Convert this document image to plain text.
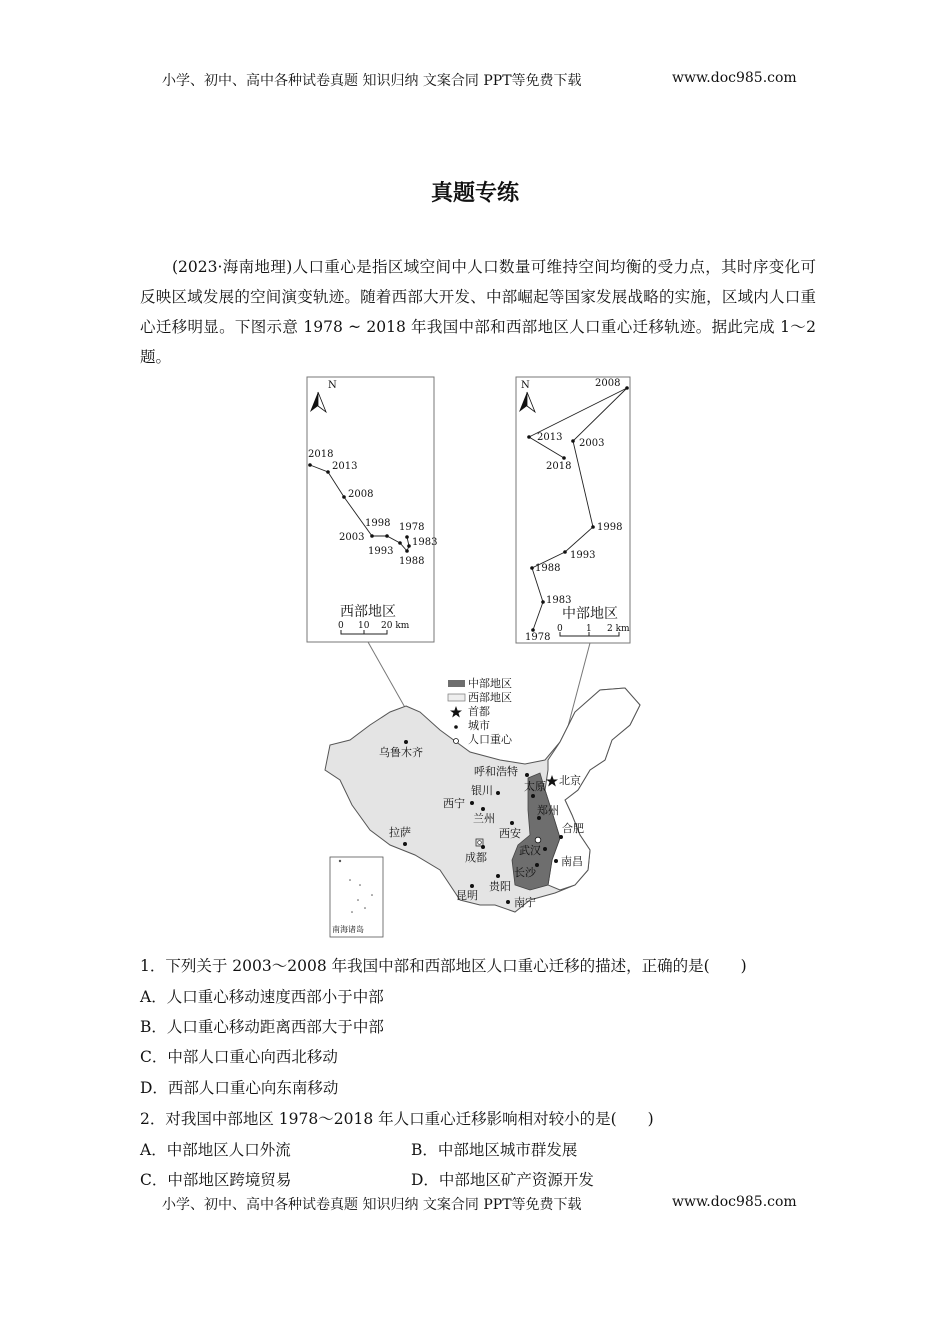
小学、初中、高中各种试卷真题 知识归纳 文案合同 PPT等免费下载	www.doc985.com
真题专练
(2023·海南地理)人口重心是指区域空间中人口数量可维持空间均衡的受力点，其时序变化可反映区域发展的空间演变轨迹。随着西部大开发、中部崛起等国家发展战略的实施，区域内人口重心迁移明显。下图示意 1978 ~ 2018 年我国中部和西部地区人口重心迁移轨迹。据此完成 1～2 题。
N	N
1978
1983
1988
1993
1998
2003
2008
2013
2018
西部地区
0 10 20 km
1978
1983
1988
1993
1998
2003
2008
2013
2018
中部地区
0	1 2 km
中部地区
西部地区
首都
城市
人口重心
乌鲁木齐
呼和浩特
北京
太原
银川
西宁
兰州
西安
郑州
合肥
武汉
南昌
长沙
拉萨
成都
贵阳
昆明
南宁
南海诸岛
1．下列关于 2003～2008 年我国中部和西部地区人口重心迁移的描述，正确的是(　　)
A．人口重心移动速度西部小于中部
B．人口重心移动距离西部大于中部
C．中部人口重心向西北移动
D．西部人口重心向东南移动
2．对我国中部地区 1978～2018 年人口重心迁移影响相对较小的是(　　)
A．中部地区人口外流	B．中部地区城市群发展
C．中部地区跨境贸易	D．中部地区矿产资源开发
小学、初中、高中各种试卷真题 知识归纳 文案合同 PPT等免费下载	www.doc985.com
